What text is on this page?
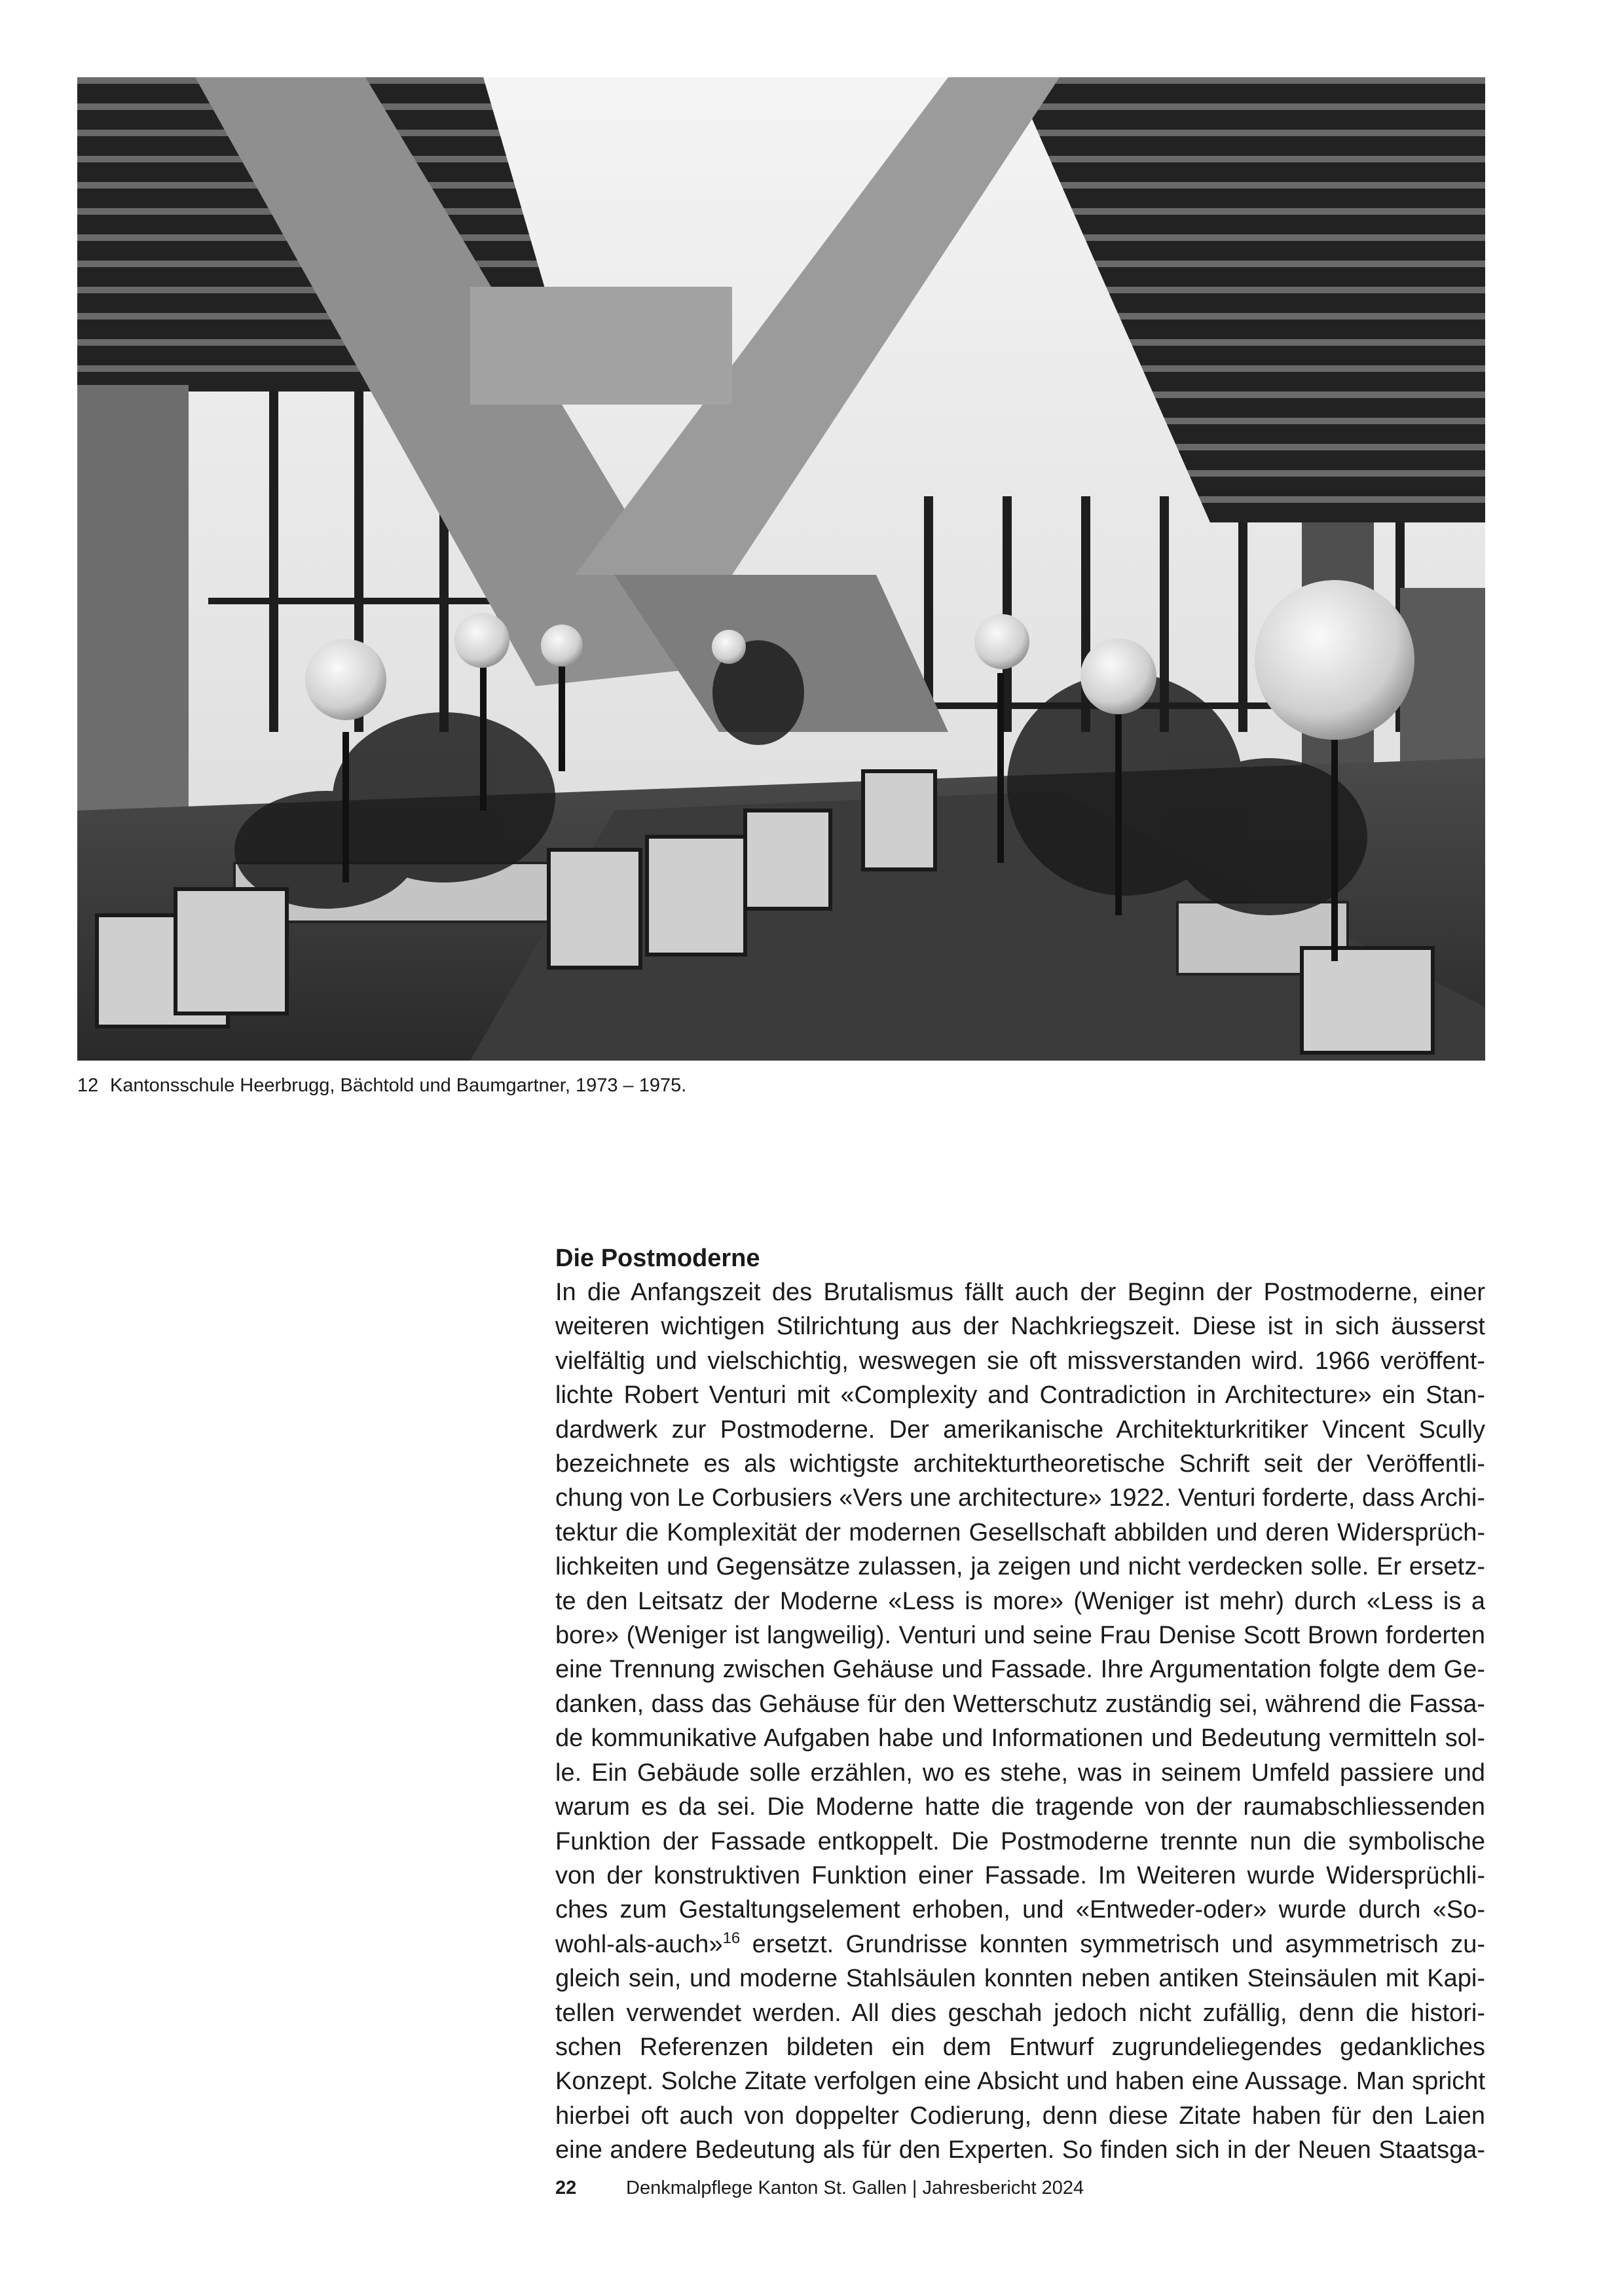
12 Kantonsschule Heerbrugg, Bächtold und Baumgartner, 1973 – 1975.
Die Postmoderne

In die Anfangszeit des Brutalismus fällt auch der Beginn der Postmoderne, einer
weiteren wichtigen Stilrichtung aus der Nachkriegszeit. Diese ist in sich äusserst
vielfältig und vielschichtig, weswegen sie oft missverstanden wird. 1966 veröffent-
lichte Robert Venturi mit «Complexity and Contradiction in Architecture» ein Stan-
dardwerk zur Postmoderne. Der amerikanische Architekturkritiker Vincent Scully
bezeichnete es als wichtigste architekturtheoretische Schrift seit der Veröffentli-
chung von Le Corbusiers «Vers une architecture» 1922. Venturi forderte, dass Archi-
tektur die Komplexität der modernen Gesellschaft abbilden und deren Widersprüch-
lichkeiten und Gegensätze zulassen, ja zeigen und nicht verdecken solle. Er ersetz-
te den Leitsatz der Moderne «Less is more» (Weniger ist mehr) durch «Less is a
bore» (Weniger ist langweilig). Venturi und seine Frau Denise Scott Brown forderten
eine Trennung zwischen Gehäuse und Fassade. Ihre Argumentation folgte dem Ge-
danken, dass das Gehäuse für den Wetterschutz zuständig sei, während die Fassa-
de kommunikative Aufgaben habe und Informationen und Bedeutung vermitteln sol-
le. Ein Gebäude solle erzählen, wo es stehe, was in seinem Umfeld passiere und
warum es da sei. Die Moderne hatte die tragende von der raumabschliessenden
Funktion der Fassade entkoppelt. Die Postmoderne trennte nun die symbolische
von der konstruktiven Funktion einer Fassade. Im Weiteren wurde Widersprüchli-
ches zum Gestaltungselement erhoben, und «Entweder-oder» wurde durch «So-
wohl-als-auch»$^{16}$ ersetzt. Grundrisse konnten symmetrisch und asymmetrisch zu-
gleich sein, und moderne Stahlsäulen konnten neben antiken Steinsäulen mit Kapi-
tellen verwendet werden. All dies geschah jedoch nicht zufällig, denn die histori-
schen Referenzen bildeten ein dem Entwurf zugrundeliegendes gedankliches
Konzept. Solche Zitate verfolgen eine Absicht und haben eine Aussage. Man spricht
hierbei oft auch von doppelter Codierung, denn diese Zitate haben für den Laien
eine andere Bedeutung als für den Experten. So finden sich in der Neuen Staatsga-

22	Denkmalpflege Kanton St. Gallen | Jahresbericht 2024
